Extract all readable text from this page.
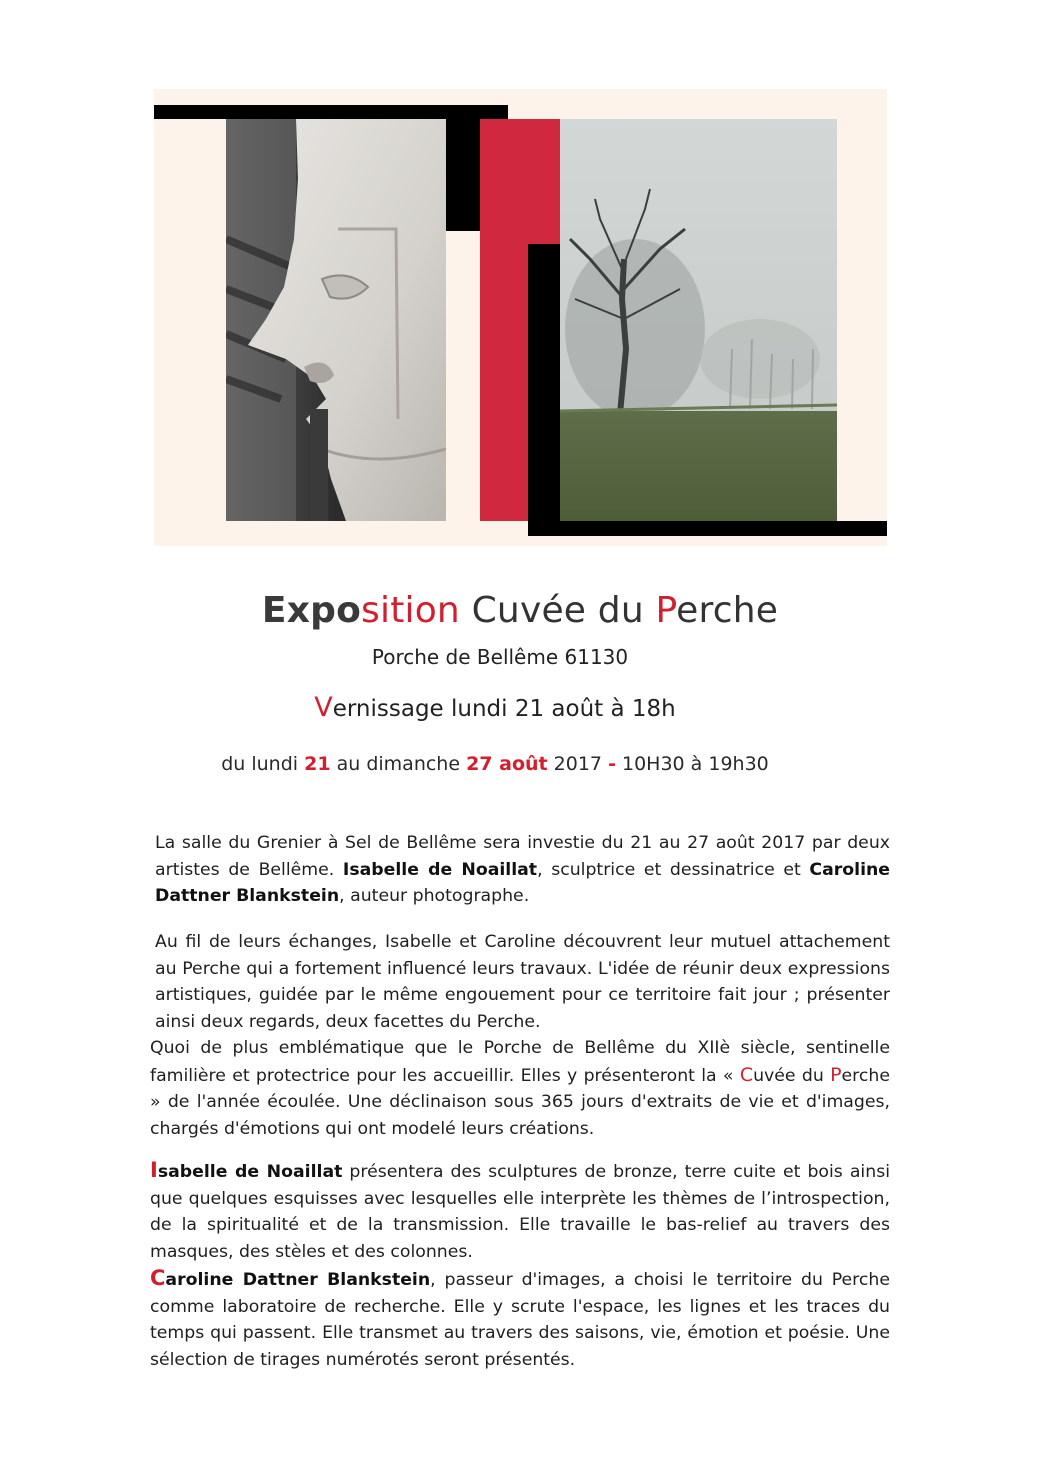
Exposition Cuvée du Perche
Porche de Bellême 61130
Vernissage lundi 21 août à 18h
du lundi 21 au dimanche 27 août 2017 - 10H30 à 19h30

La salle du Grenier à Sel de Bellême sera investie du 21 au 27 août 2017 par deux artistes de Bellême. Isabelle de Noaillat, sculptrice et dessinatrice et Caroline Dattner Blankstein, auteur photographe.

Au fil de leurs échanges, Isabelle et Caroline découvrent leur mutuel attachement au Perche qui a fortement influencé leurs travaux. L'idée de réunir deux expressions artistiques, guidée par le même engouement pour ce territoire fait jour ; présenter ainsi deux regards, deux facettes du Perche.

Quoi de plus emblématique que le Porche de Bellême du XIIè siècle, sentinelle familière et protectrice pour les accueillir. Elles y présenteront la « Cuvée du Perche » de l'année écoulée. Une déclinaison sous 365 jours d'extraits de vie et d'images, chargés d'émotions qui ont modelé leurs créations.

Isabelle de Noaillat présentera des sculptures de bronze, terre cuite et bois ainsi que quelques esquisses avec lesquelles elle interprète les thèmes de l’introspection, de la spiritualité et de la transmission. Elle travaille le bas-relief au travers des masques, des stèles et des colonnes.

Caroline Dattner Blankstein, passeur d'images, a choisi le territoire du Perche comme laboratoire de recherche. Elle y scrute l'espace, les lignes et les traces du temps qui passent. Elle transmet au travers des saisons, vie, émotion et poésie. Une sélection de tirages numérotés seront présentés.
